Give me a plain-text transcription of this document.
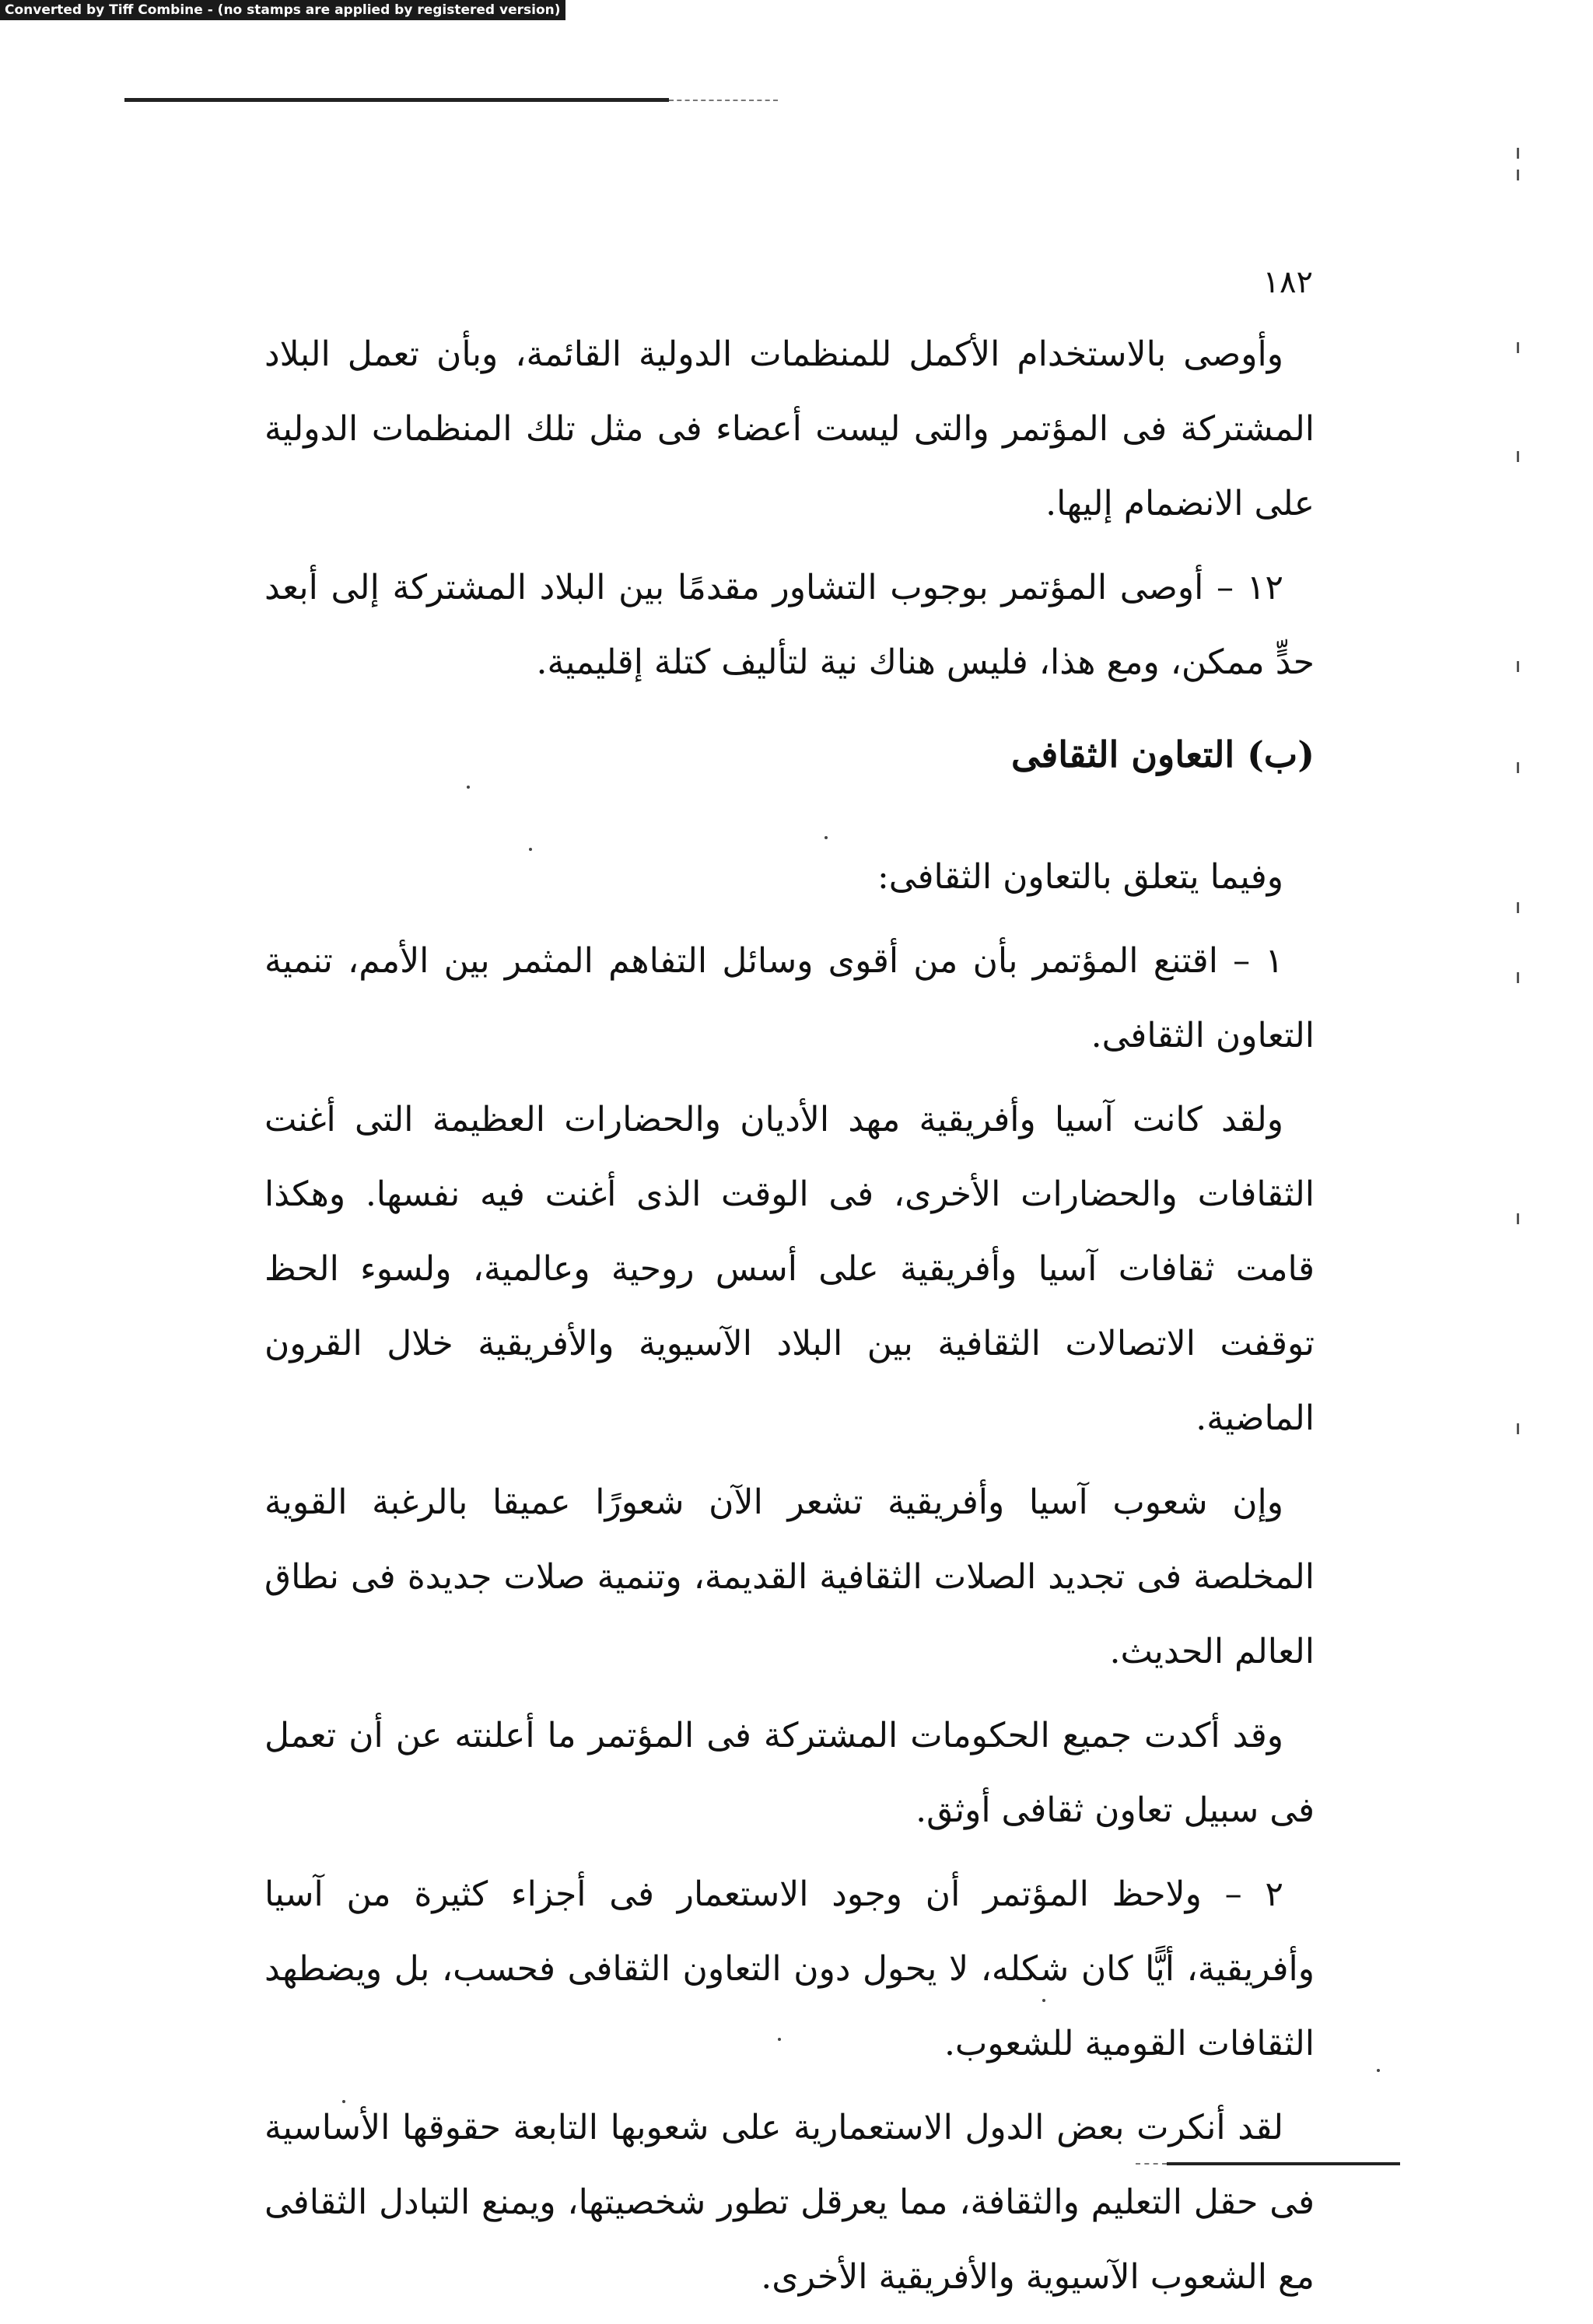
Converted by Tiff Combine - (no stamps are applied by registered version)
١٨٢

وأوصى بالاستخدام الأكمل للمنظمات الدولية القائمة، وبأن تعمل البلاد المشتركة فى المؤتمر والتى ليست أعضاء فى مثل تلك المنظمات الدولية على الانضمام إليها.

١٢ – أوصى المؤتمر بوجوب التشاور مقدمًا بين البلاد المشتركة إلى أبعد حدٍّ ممكن، ومع هذا، فليس هناك نية لتأليف كتلة إقليمية.

(ب) التعاون الثقافى

وفيما يتعلق بالتعاون الثقافى:

١ – اقتنع المؤتمر بأن من أقوى وسائل التفاهم المثمر بين الأمم، تنمية التعاون الثقافى.

ولقد كانت آسيا وأفريقية مهد الأديان والحضارات العظيمة التى أغنت الثقافات والحضارات الأخرى، فى الوقت الذى أغنت فيه نفسها. وهكذا قامت ثقافات آسيا وأفريقية على أسس روحية وعالمية، ولسوء الحظ توقفت الاتصالات الثقافية بين البلاد الآسيوية والأفريقية خلال القرون الماضية.

وإن شعوب آسيا وأفريقية تشعر الآن شعورًا عميقا بالرغبة القوية المخلصة فى تجديد الصلات الثقافية القديمة، وتنمية صلات جديدة فى نطاق العالم الحديث.

وقد أكدت جميع الحكومات المشتركة فى المؤتمر ما أعلنته عن أن تعمل فى سبيل تعاون ثقافى أوثق.

٢ – ولاحظ المؤتمر أن وجود الاستعمار فى أجزاء كثيرة من آسيا وأفريقية، أيًّا كان شكله، لا يحول دون التعاون الثقافى فحسب، بل ويضطهد الثقافات القومية للشعوب.

لقد أنكرت بعض الدول الاستعمارية على شعوبها التابعة حقوقها الأساسية فى حقل التعليم والثقافة، مما يعرقل تطور شخصيتها، ويمنع التبادل الثقافى مع الشعوب الآسيوية والأفريقية الأخرى.
